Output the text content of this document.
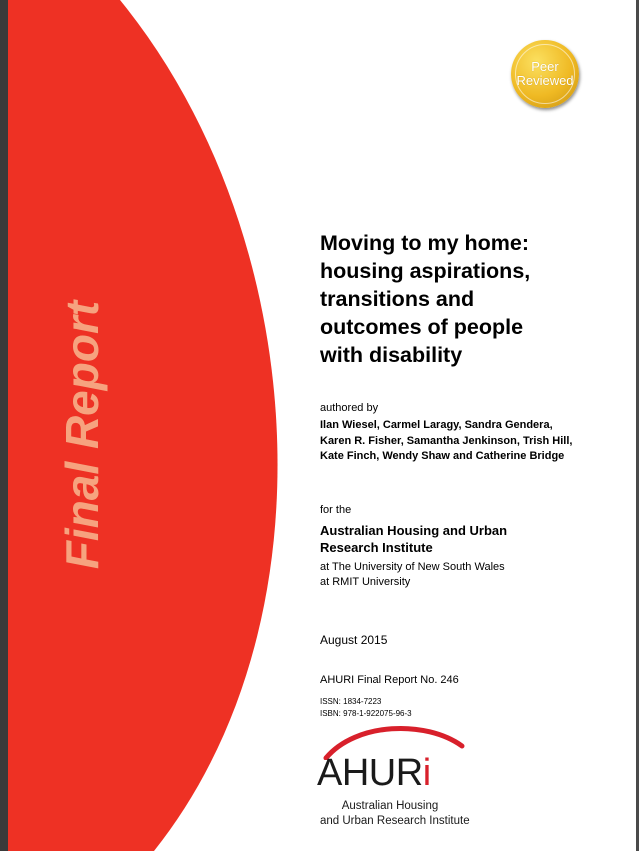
Final Report
Peer
Reviewed
Moving to my home:
housing aspirations,
transitions and
outcomes of people
with disability
authored by
Ilan Wiesel, Carmel Laragy, Sandra Gendera,
Karen R. Fisher, Samantha Jenkinson, Trish Hill,
Kate Finch, Wendy Shaw and Catherine Bridge
for the
Australian Housing and Urban
Research Institute
at The University of New South Wales
at RMIT University
August 2015
AHURI Final Report No. 246
ISSN: 1834-7223
ISBN: 978-1-922075-96-3
AHURi
Australian Housing
and Urban Research Institute
